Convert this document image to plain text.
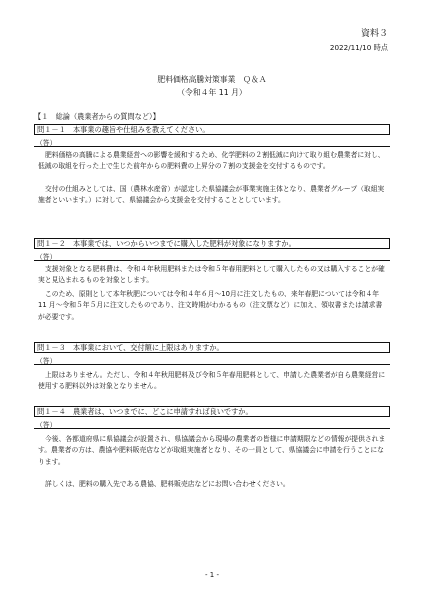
資料３
2022/11/10 時点
肥料価格高騰対策事業　Ｑ＆Ａ
（令和４年 11 月）
【１　総論（農業者からの質問など）】
問１－１　本事業の趣旨や仕組みを教えてください。
（答）
肥料価格の高騰による農業経営への影響を緩和するため、化学肥料の２割低減に向けて取り組む農業者に対し、低減の取組を行った上で生じた前年からの肥料費の上昇分の７割の支援金を交付するものです。
交付の仕組みとしては、国（農林水産省）が認定した県協議会が事業実施主体となり、農業者グループ（取組実施者といいます。）に対して、県協議会から支援金を交付することとしています。
問１－２　本事業では、いつからいつまでに購入した肥料が対象になりますか。
（答）
支援対象となる肥料費は、令和４年秋用肥料または令和５年春用肥料として購入したもの又は購入することが確実と見込まれるものを対象とします。
このため、原則として本年秋肥については令和４年６月～10月に注文したもの、来年春肥については令和４年 11 月～令和５年５月に注文したものであり、注文時期がわかるもの（注文票など）に加え、領収書または請求書が必要です。
問１－３　本事業において、交付額に上限はありますか。
（答）
上限はありません。ただし、令和４年秋用肥料及び令和５年春用肥料として、申請した農業者が自ら農業経営に使用する肥料以外は対象となりません。
問１－４　農業者は、いつまでに、どこに申請すれば良いですか。
（答）
今後、各都道府県に県協議会が設置され、県協議会から現場の農業者の皆様に申請期限などの情報が提供されます。農業者の方は、農協や肥料販売店などが取組実施者となり、その一員として、県協議会に申請を行うことになります。
詳しくは、肥料の購入先である農協、肥料販売店などにお問い合わせください。
- 1 -
